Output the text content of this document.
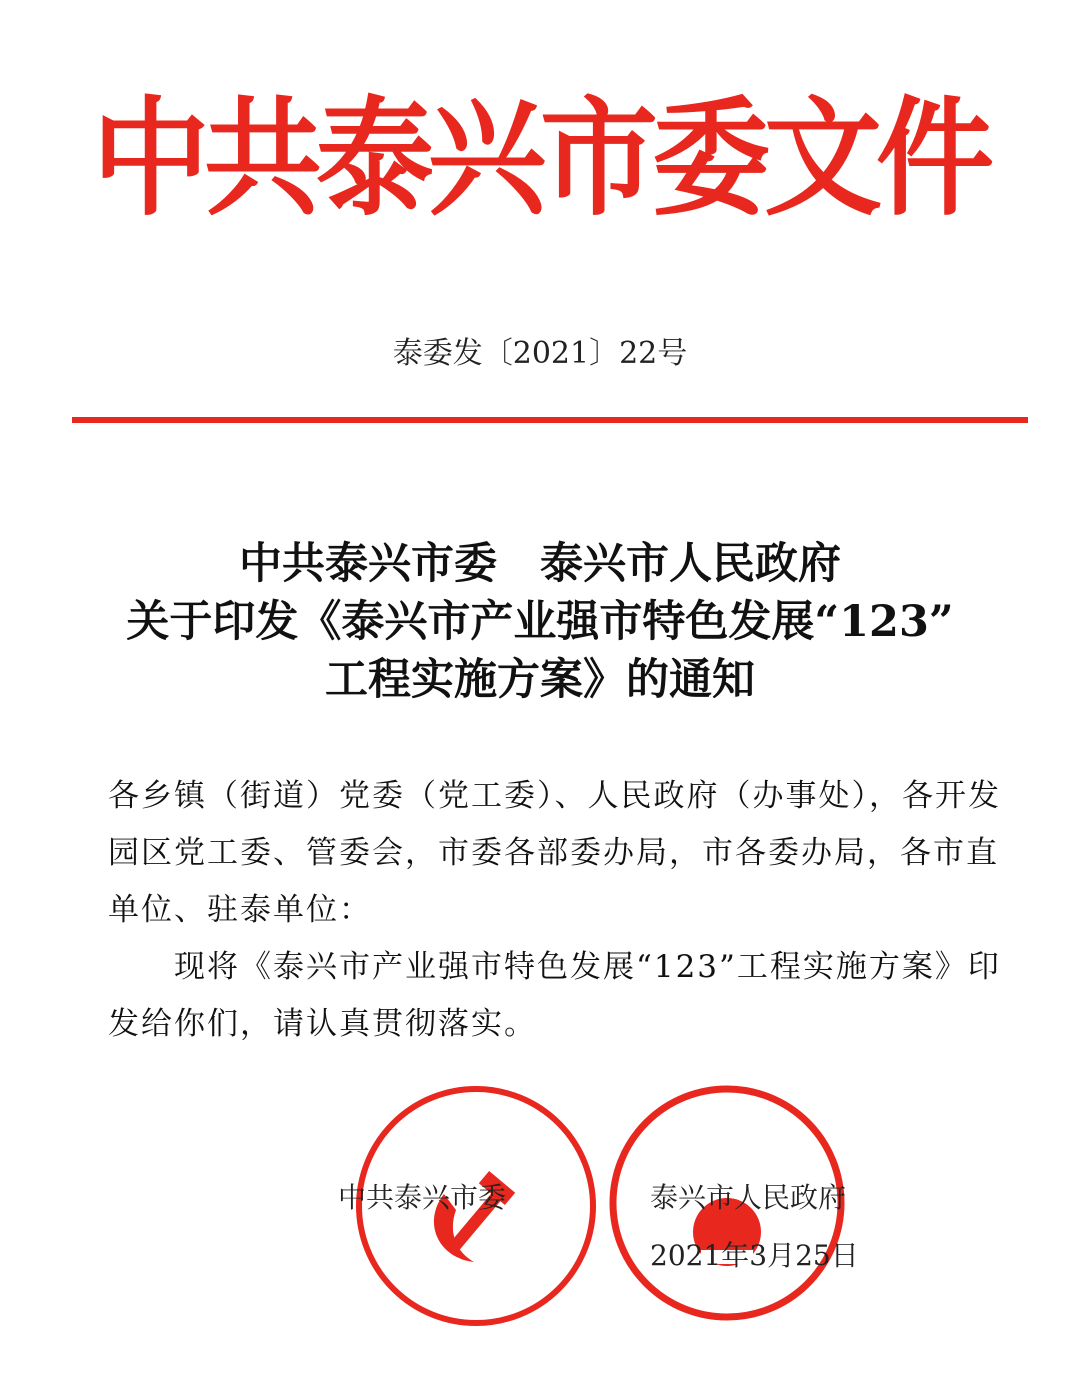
中共泰兴市委文件
泰委发〔2021〕22号
中共泰兴市委　泰兴市人民政府
关于印发《泰兴市产业强市特色发展“123”
工程实施方案》的通知
各乡镇（街道）党委（党工委）、人民政府（办事处），各开发园区党工委、管委会，市委各部委办局，市各委办局，各市直单位、驻泰单位：
现将《泰兴市产业强市特色发展“123”工程实施方案》印发给你们，请认真贯彻落实。
中共泰兴市委	泰兴市人民政府
2021年3月25日
